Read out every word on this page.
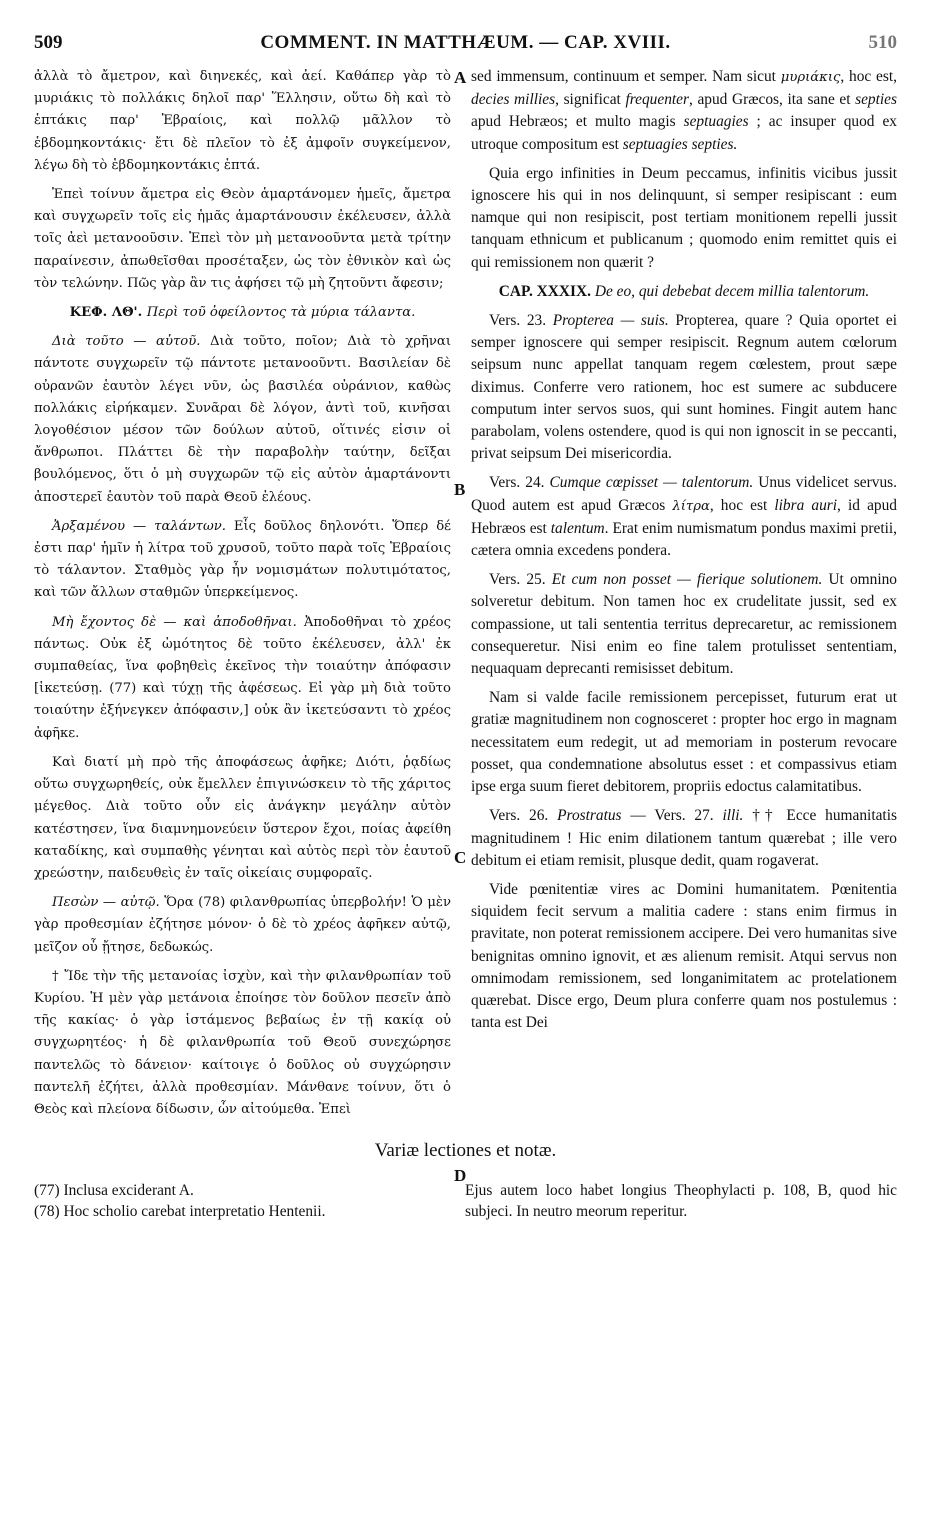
509	COMMENT. IN MATTHÆUM. — CAP. XVIII.	510

ἀλλὰ τὸ ἄμετρον, καὶ διηνεκές, καὶ ἀεί. Καθάπερ γὰρ τὸ μυριάκις τὸ πολλάκις δηλοῖ παρ' Ἕλλησιν, οὕτω δὴ καὶ τὸ ἑπτάκις παρ' Ἑβραίοις, καὶ πολλῷ μᾶλλον τὸ ἑβδομηκοντάκις· ἔτι δὲ πλεῖον τὸ ἐξ ἀμφοῖν συγκείμενον, λέγω δὴ τὸ ἑβδομηκοντάκις ἑπτά.

Ἐπεὶ τοίνυν ἄμετρα εἰς Θεὸν ἁμαρτάνομεν ἡμεῖς, ἄμετρα καὶ συγχωρεῖν τοῖς εἰς ἡμᾶς ἁμαρτάνουσιν ἐκέλευσεν, ἀλλὰ τοῖς ἀεὶ μετανοοῦσιν. Ἐπεὶ τὸν μὴ μετανοοῦντα μετὰ τρίτην παραίνεσιν, ἀπωθεῖσθαι προσέταξεν, ὡς τὸν ἐθνικὸν καὶ ὡς τὸν τελώνην. Πῶς γὰρ ἂν τις ἀφήσει τῷ μὴ ζητοῦντι ἄφεσιν;

ΚΕΦ. ΛΘ'. Περὶ τοῦ ὀφείλοντος τὰ μύρια τάλαντα.

Διὰ τοῦτο — αὐτοῦ. Διὰ τοῦτο, ποῖον; Διὰ τὸ χρῆναι πάντοτε συγχωρεῖν τῷ πάντοτε μετανοοῦντι. Βασιλείαν δὲ οὐρανῶν ἑαυτὸν λέγει νῦν, ὡς βασιλέα οὐράνιον, καθὼς πολλάκις εἰρήκαμεν. Συνᾶραι δὲ λόγον, ἀντὶ τοῦ, κινῆσαι λογοθέσιον μέσον τῶν δούλων αὐτοῦ, οἵτινές εἰσιν οἱ ἄνθρωποι. Πλάττει δὲ τὴν παραβολὴν ταύτην, δεῖξαι βουλόμενος, ὅτι ὁ μὴ συγχωρῶν τῷ εἰς αὐτὸν ἁμαρτάνοντι ἀποστερεῖ ἑαυτὸν τοῦ παρὰ Θεοῦ ἐλέους.

Ἀρξαμένου — ταλάντων. Εἷς δοῦλος δηλονότι. Ὅπερ δέ ἐστι παρ' ἡμῖν ἡ λίτρα τοῦ χρυσοῦ, τοῦτο παρὰ τοῖς Ἑβραίοις τὸ τάλαντον. Σταθμὸς γὰρ ἦν νομισμάτων πολυτιμότατος, καὶ τῶν ἄλλων σταθμῶν ὑπερκείμενος.

Μὴ ἔχοντος δὲ — καὶ ἀποδοθῆναι. Ἀποδοθῆναι τὸ χρέος πάντως. Οὐκ ἐξ ὠμότητος δὲ τοῦτο ἐκέλευσεν, ἀλλ' ἐκ συμπαθείας, ἵνα φοβηθεὶς ἐκεῖνος τὴν τοιαύτην ἀπόφασιν [ἱκετεύσῃ. (77) καὶ τύχῃ τῆς ἀφέσεως. Εἰ γὰρ μὴ διὰ τοῦτο τοιαύτην ἐξήνεγκεν ἀπόφασιν,] οὐκ ἂν ἱκετεύσαντι τὸ χρέος ἀφῆκε.

Καὶ διατί μὴ πρὸ τῆς ἀποφάσεως ἀφῆκε; Διότι, ῥᾳδίως οὕτω συγχωρηθείς, οὐκ ἔμελλεν ἐπιγινώσκειν τὸ τῆς χάριτος μέγεθος. Διὰ τοῦτο οὖν εἰς ἀνάγκην μεγάλην αὐτὸν κατέστησεν, ἵνα διαμνημονεύειν ὕστερον ἔχοι, ποίας ἀφείθη καταδίκης, καὶ συμπαθὴς γένηται καὶ αὐτὸς περὶ τὸν ἑαυτοῦ χρεώστην, παιδευθεὶς ἐν ταῖς οἰκείαις συμφοραῖς.

Πεσὼν — αὐτῷ. Ὅρα (78) φιλανθρωπίας ὑπερβολήν! Ὁ μὲν γὰρ προθεσμίαν ἐζήτησε μόνον· ὁ δὲ τὸ χρέος ἀφῆκεν αὐτῷ, μεῖζον οὗ ᾔτησε, δεδωκώς.

† Ἴδε τὴν τῆς μετανοίας ἰσχὺν, καὶ τὴν φιλανθρωπίαν τοῦ Κυρίου. Ἡ μὲν γὰρ μετάνοια ἐποίησε τὸν δοῦλον πεσεῖν ἀπὸ τῆς κακίας· ὁ γὰρ ἱστάμενος βεβαίως ἐν τῇ κακίᾳ οὐ συγχωρητέος· ἡ δὲ φιλανθρωπία τοῦ Θεοῦ συνεχώρησε παντελῶς τὸ δάνειον· καίτοιγε ὁ δοῦλος οὐ συγχώρησιν παντελῆ ἐζήτει, ἀλλὰ προθεσμίαν. Μάνθανε τοίνυν, ὅτι ὁ Θεὸς καὶ πλείονα δίδωσιν, ὧν αἰτούμεθα. Ἐπεὶ

A
B
C
D

sed immensum, continuum et semper. Nam sicut μυριάκις, hoc est, decies millies, significat frequenter, apud Græcos, ita sane et septies apud Hebræos; et multo magis septuagies ; ac insuper quod ex utroque compositum est septuagies septies.

Quia ergo infinities in Deum peccamus, infinitis vicibus jussit ignoscere his qui in nos delinquunt, si semper resipiscant : eum namque qui non resipiscit, post tertiam monitionem repelli jussit tanquam ethnicum et publicanum ; quomodo enim remittet quis ei qui remissionem non quærit ?

CAP. XXXIX. De eo, qui debebat decem millia talentorum.

Vers. 23. Propterea — suis. Propterea, quare ? Quia oportet ei semper ignoscere qui semper resipiscit. Regnum autem cœlorum seipsum nunc appellat tanquam regem cœlestem, prout sæpe diximus. Conferre vero rationem, hoc est sumere ac subducere computum inter servos suos, qui sunt homines. Fingit autem hanc parabolam, volens ostendere, quod is qui non ignoscit in se peccanti, privat seipsum Dei misericordia.

Vers. 24. Cumque cœpisset — talentorum. Unus videlicet servus. Quod autem est apud Græcos λίτρα, hoc est libra auri, id apud Hebræos est talentum. Erat enim numismatum pondus maximi pretii, cætera omnia excedens pondera.

Vers. 25. Et cum non posset — fierique solutionem. Ut omnino solveretur debitum. Non tamen hoc ex crudelitate jussit, sed ex compassione, ut tali sententia territus deprecaretur, ac remissionem consequeretur. Nisi enim eo fine talem protulisset sententiam, nequaquam deprecanti remisisset debitum.

Nam si valde facile remissionem percepisset, futurum erat ut gratiæ magnitudinem non cognosceret : propter hoc ergo in magnam necessitatem eum redegit, ut ad memoriam in posterum revocare posset, qua condemnatione absolutus esset : et compassivus etiam ipse erga suum fieret debitorem, propriis edoctus calamitatibus.

Vers. 26. Prostratus — Vers. 27. illi. †† Ecce humanitatis magnitudinem ! Hic enim dilationem tantum quærebat ; ille vero debitum ei etiam remisit, plusque dedit, quam rogaverat.

Vide pœnitentiæ vires ac Domini humanitatem. Pœnitentia siquidem fecit servum a malitia cadere : stans enim firmus in pravitate, non poterat remissionem accipere. Dei vero humanitas sive benignitas omnino ignovit, et æs alienum remisit. Atqui servus non omnimodam remissionem, sed longanimitatem ac protelationem quærebat. Disce ergo, Deum plura conferre quam nos postulemus : tanta est Dei

Variæ lectiones et notæ.
(77) Inclusa exciderant A.
(78) Hoc scholio carebat interpretatio Hentenii.
Ejus autem loco habet longius Theophylacti p. 108, B, quod hic subjeci. In neutro meorum reperitur.
